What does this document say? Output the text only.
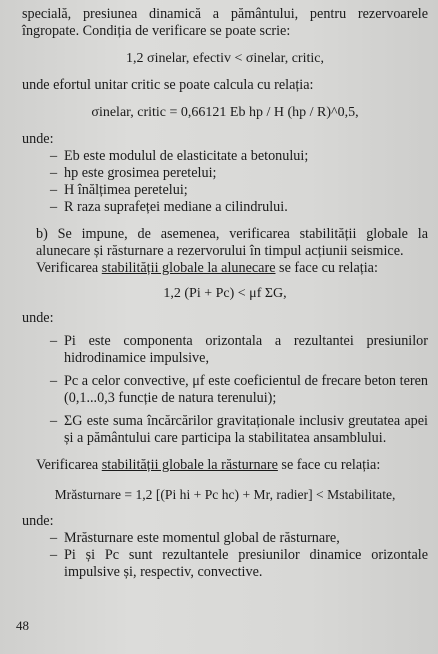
specială, presiunea dinamică a pământului, pentru rezervoarele îngropate. Condiția de verificare se poate scrie:

1,2 σinelar, efectiv < σinelar, critic,

unde efortul unitar critic se poate calcula cu relația:

σinelar, critic = 0,66121 Eb hp / H (hp / R)^0,5,

unde:

– Eb este modulul de elasticitate a betonului;
– hp este grosimea peretelui;
– H înălțimea peretelui;
– R raza suprafeței mediane a cilindrului.

b) Se impune, de asemenea, verificarea stabilității globale la alunecare și răsturnare a rezervorului în timpul acțiunii seismice.

Verificarea stabilității globale la alunecare se face cu relația:

1,2 (Pi + Pc) < μf ΣG,

unde:

– Pi este componenta orizontala a rezultantei presiunilor hidrodinamice impulsive,
– Pc a celor convective, μf este coeficientul de frecare beton teren (0,1...0,3 funcție de natura terenului);
– ΣG este suma încărcărilor gravitaționale inclusiv greutatea apei și a pământului care participa la stabilitatea ansamblului.

Verificarea stabilității globale la răsturnare se face cu relația:

Mrăsturnare = 1,2 [(Pi hi + Pc hc) + Mr, radier] < Mstabilitate,

unde:

– Mrăsturnare este momentul global de răsturnare,
– Pi și Pc sunt rezultantele presiunilor dinamice orizontale impulsive și, respectiv, convective.
48
